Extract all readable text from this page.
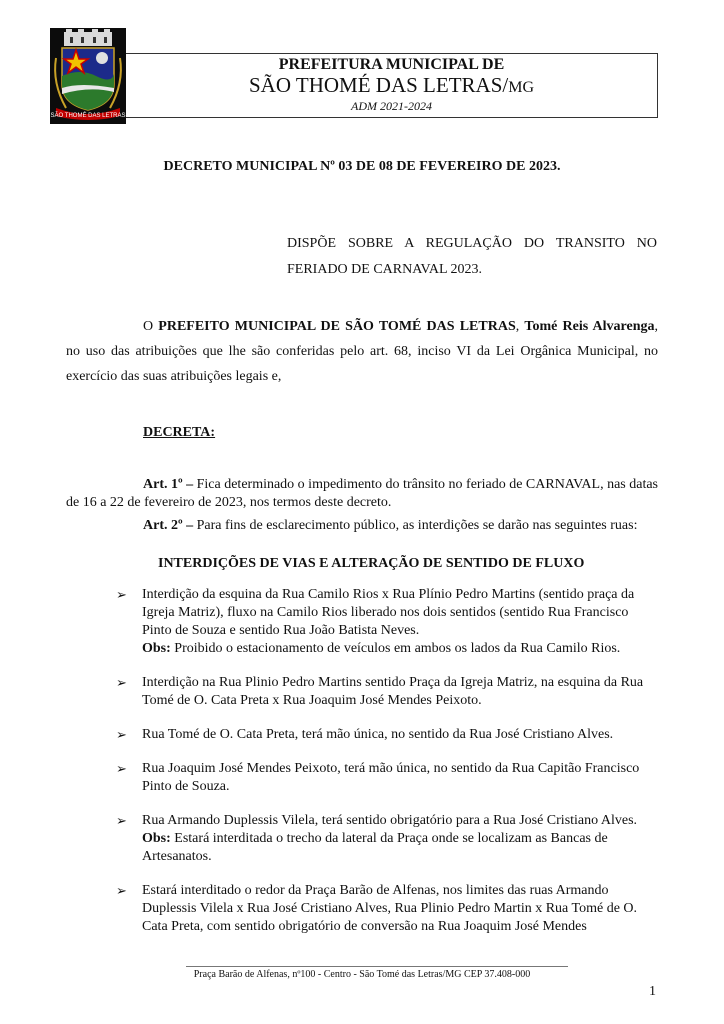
SÃO THOMÉ DAS LETRAS
PREFEITURA MUNICIPAL DE
SÃO THOMÉ DAS LETRAS/MG
ADM 2021-2024
DECRETO MUNICIPAL Nº 03 DE 08 DE FEVEREIRO DE 2023.
DISPÕE SOBRE A REGULAÇÃO DO TRANSITO NO FERIADO DE CARNAVAL 2023.
O PREFEITO MUNICIPAL DE SÃO TOMÉ DAS LETRAS, Tomé Reis Alvarenga, no uso das atribuições que lhe são conferidas pelo art. 68, inciso VI da Lei Orgânica Municipal, no exercício das suas atribuições legais e,
DECRETA:
Art. 1º – Fica determinado o impedimento do trânsito no feriado de CARNAVAL, nas datas de 16 a 22 de fevereiro de 2023, nos termos deste decreto.
Art. 2º – Para fins de esclarecimento público, as interdições se darão nas seguintes ruas:
INTERDIÇÕES DE VIAS E ALTERAÇÃO DE SENTIDO DE FLUXO
➢ Interdição da esquina da Rua Camilo Rios x Rua Plínio Pedro Martins (sentido praça da Igreja Matriz), fluxo na Camilo Rios liberado nos dois sentidos (sentido Rua Francisco Pinto de Souza e sentido Rua João Batista Neves.
Obs: Proibido o estacionamento de veículos em ambos os lados da Rua Camilo Rios.
➢ Interdição na Rua Plinio Pedro Martins sentido Praça da Igreja Matriz, na esquina da Rua Tomé de O. Cata Preta x Rua Joaquim José Mendes Peixoto.
➢ Rua Tomé de O. Cata Preta, terá mão única, no sentido da Rua José Cristiano Alves.
➢ Rua Joaquim José Mendes Peixoto, terá mão única, no sentido da Rua Capitão Francisco Pinto de Souza.
➢ Rua Armando Duplessis Vilela, terá sentido obrigatório para a Rua José Cristiano Alves.
Obs: Estará interditada o trecho da lateral da Praça onde se localizam as Bancas de Artesanatos.
➢ Estará interditado o redor da Praça Barão de Alfenas, nos limites das ruas Armando Duplessis Vilela x Rua José Cristiano Alves, Rua Plinio Pedro Martin x Rua Tomé de O. Cata Preta, com sentido obrigatório de conversão na Rua Joaquim José Mendes
Praça Barão de Alfenas, nº100 - Centro - São Tomé das Letras/MG CEP 37.408-000
1
